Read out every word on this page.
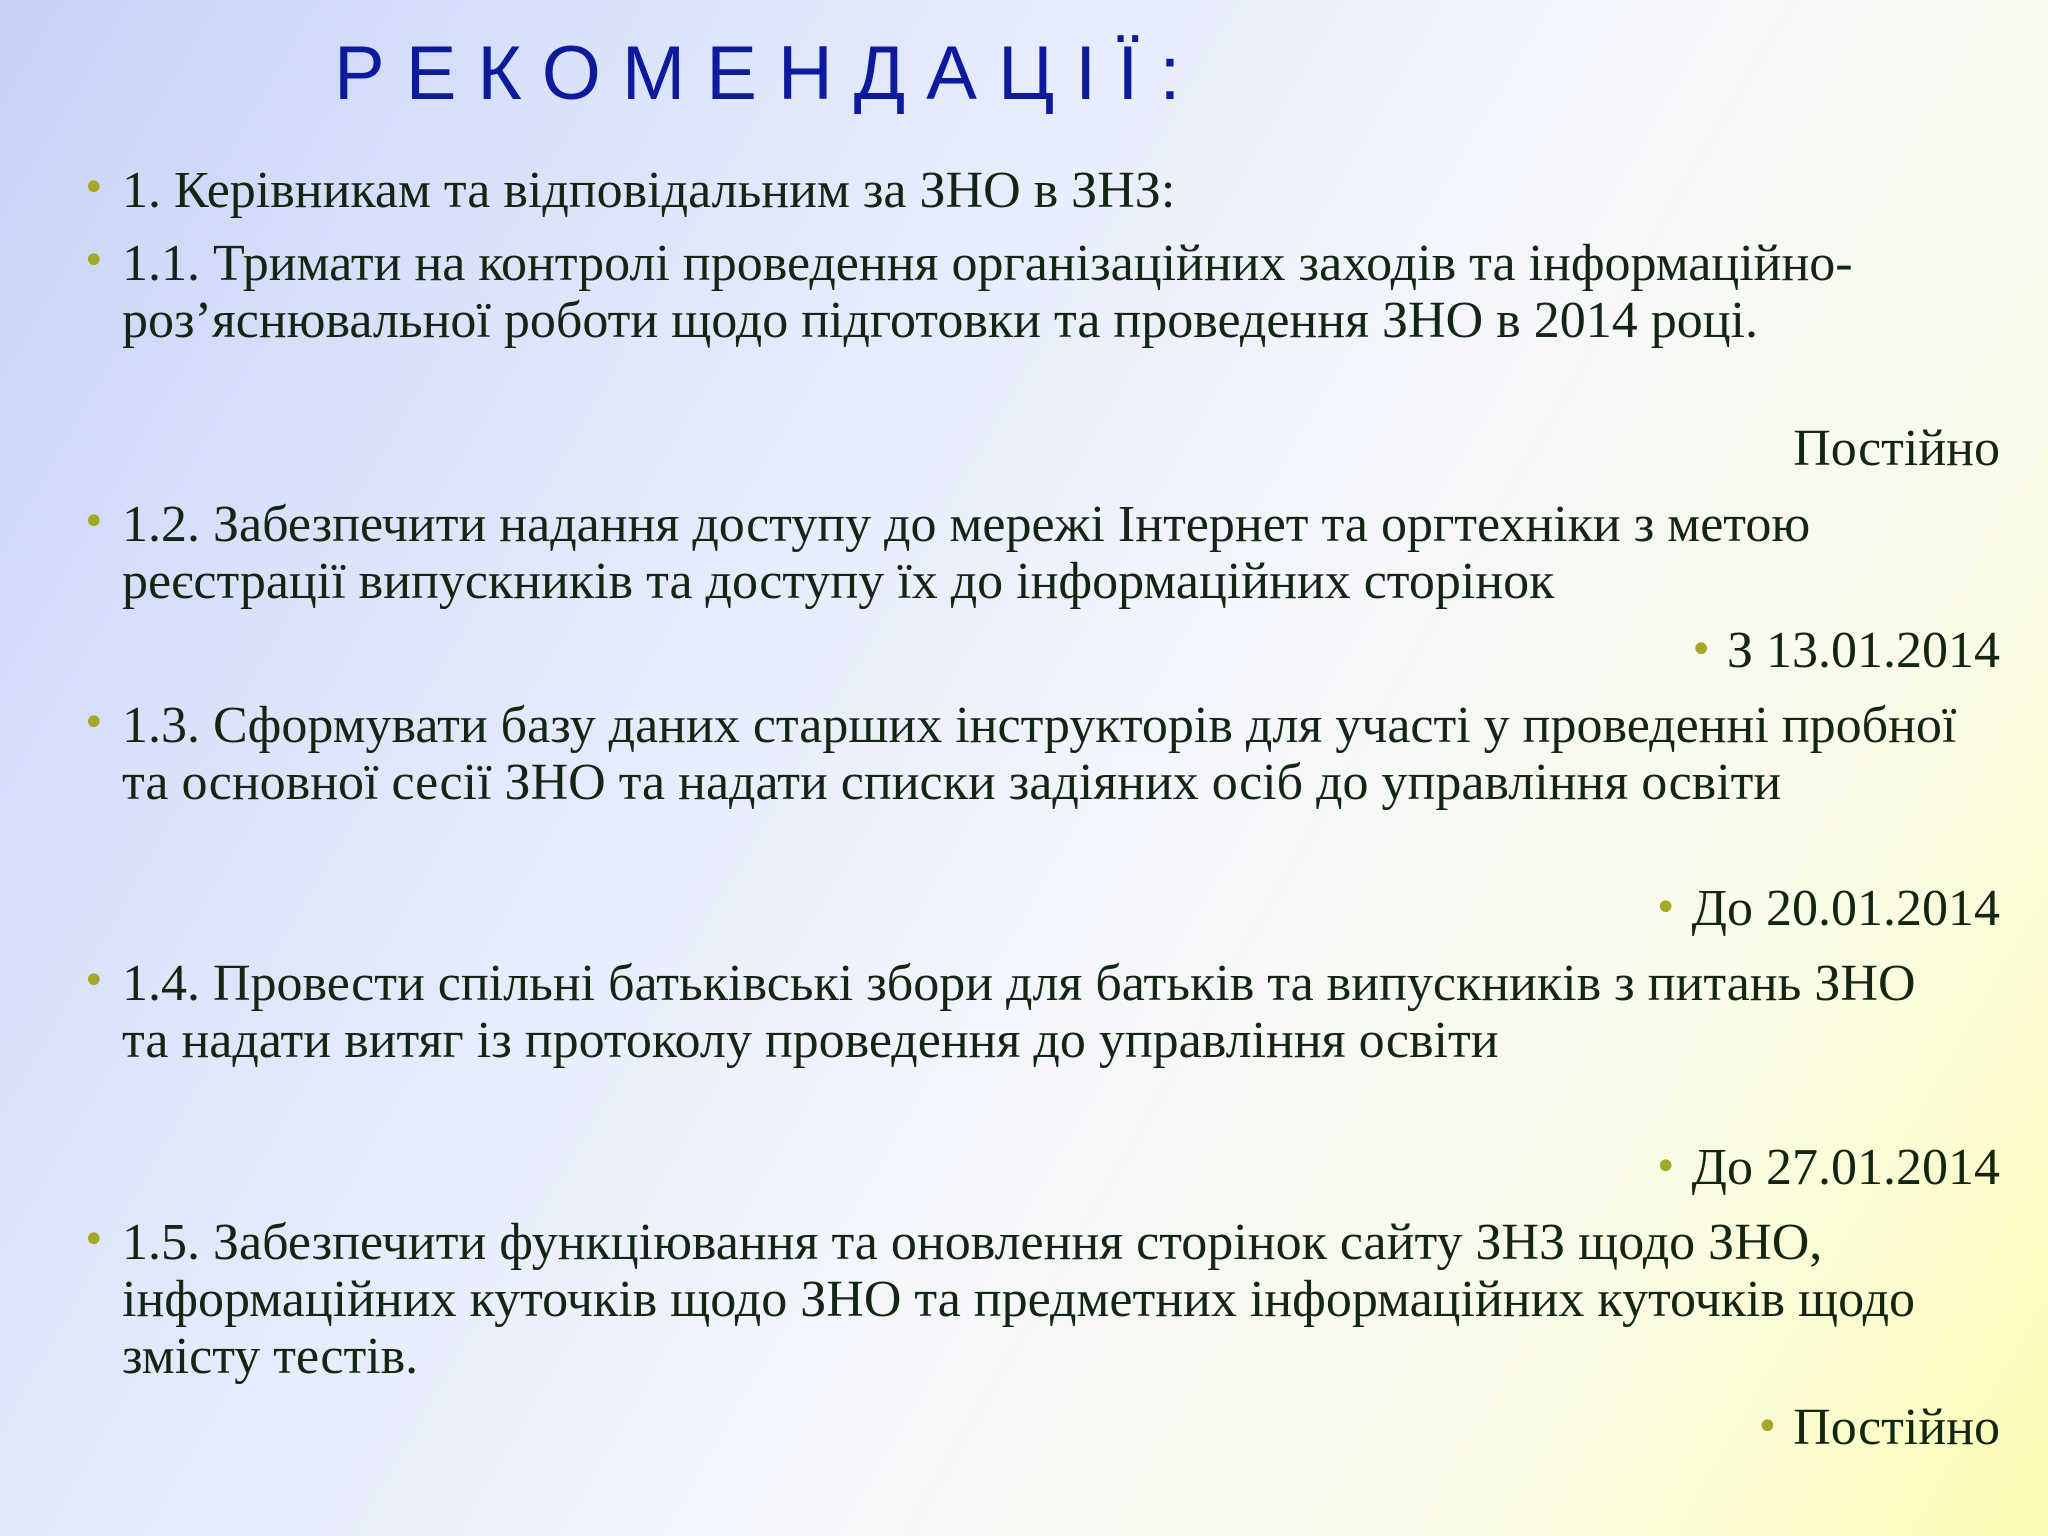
РЕКОМЕНДАЦІЇ:
• 1. Керівникам та відповідальним за ЗНО в ЗНЗ:
• 1.1. Тримати на контролі проведення організаційних заходів та інформаційно-роз’яснювальної роботи щодо підготовки та проведення ЗНО в 2014 році.
Постійно
• 1.2. Забезпечити надання доступу до мережі Інтернет та оргтехніки з метою реєстрації випускників та доступу їх до інформаційних сторінок
• З 13.01.2014
• 1.3. Сформувати базу даних старших інструкторів для участі у проведенні пробної та основної сесії ЗНО та надати списки задіяних осіб до управління освіти
• До 20.01.2014
• 1.4. Провести спільні батьківські збори для батьків та випускників з питань ЗНО та надати витяг із протоколу проведення до управління освіти
• До 27.01.2014
• 1.5. Забезпечити функціювання та оновлення сторінок сайту ЗНЗ щодо ЗНО, інформаційних куточків щодо ЗНО та предметних інформаційних куточків щодо змісту тестів.
• Постійно
